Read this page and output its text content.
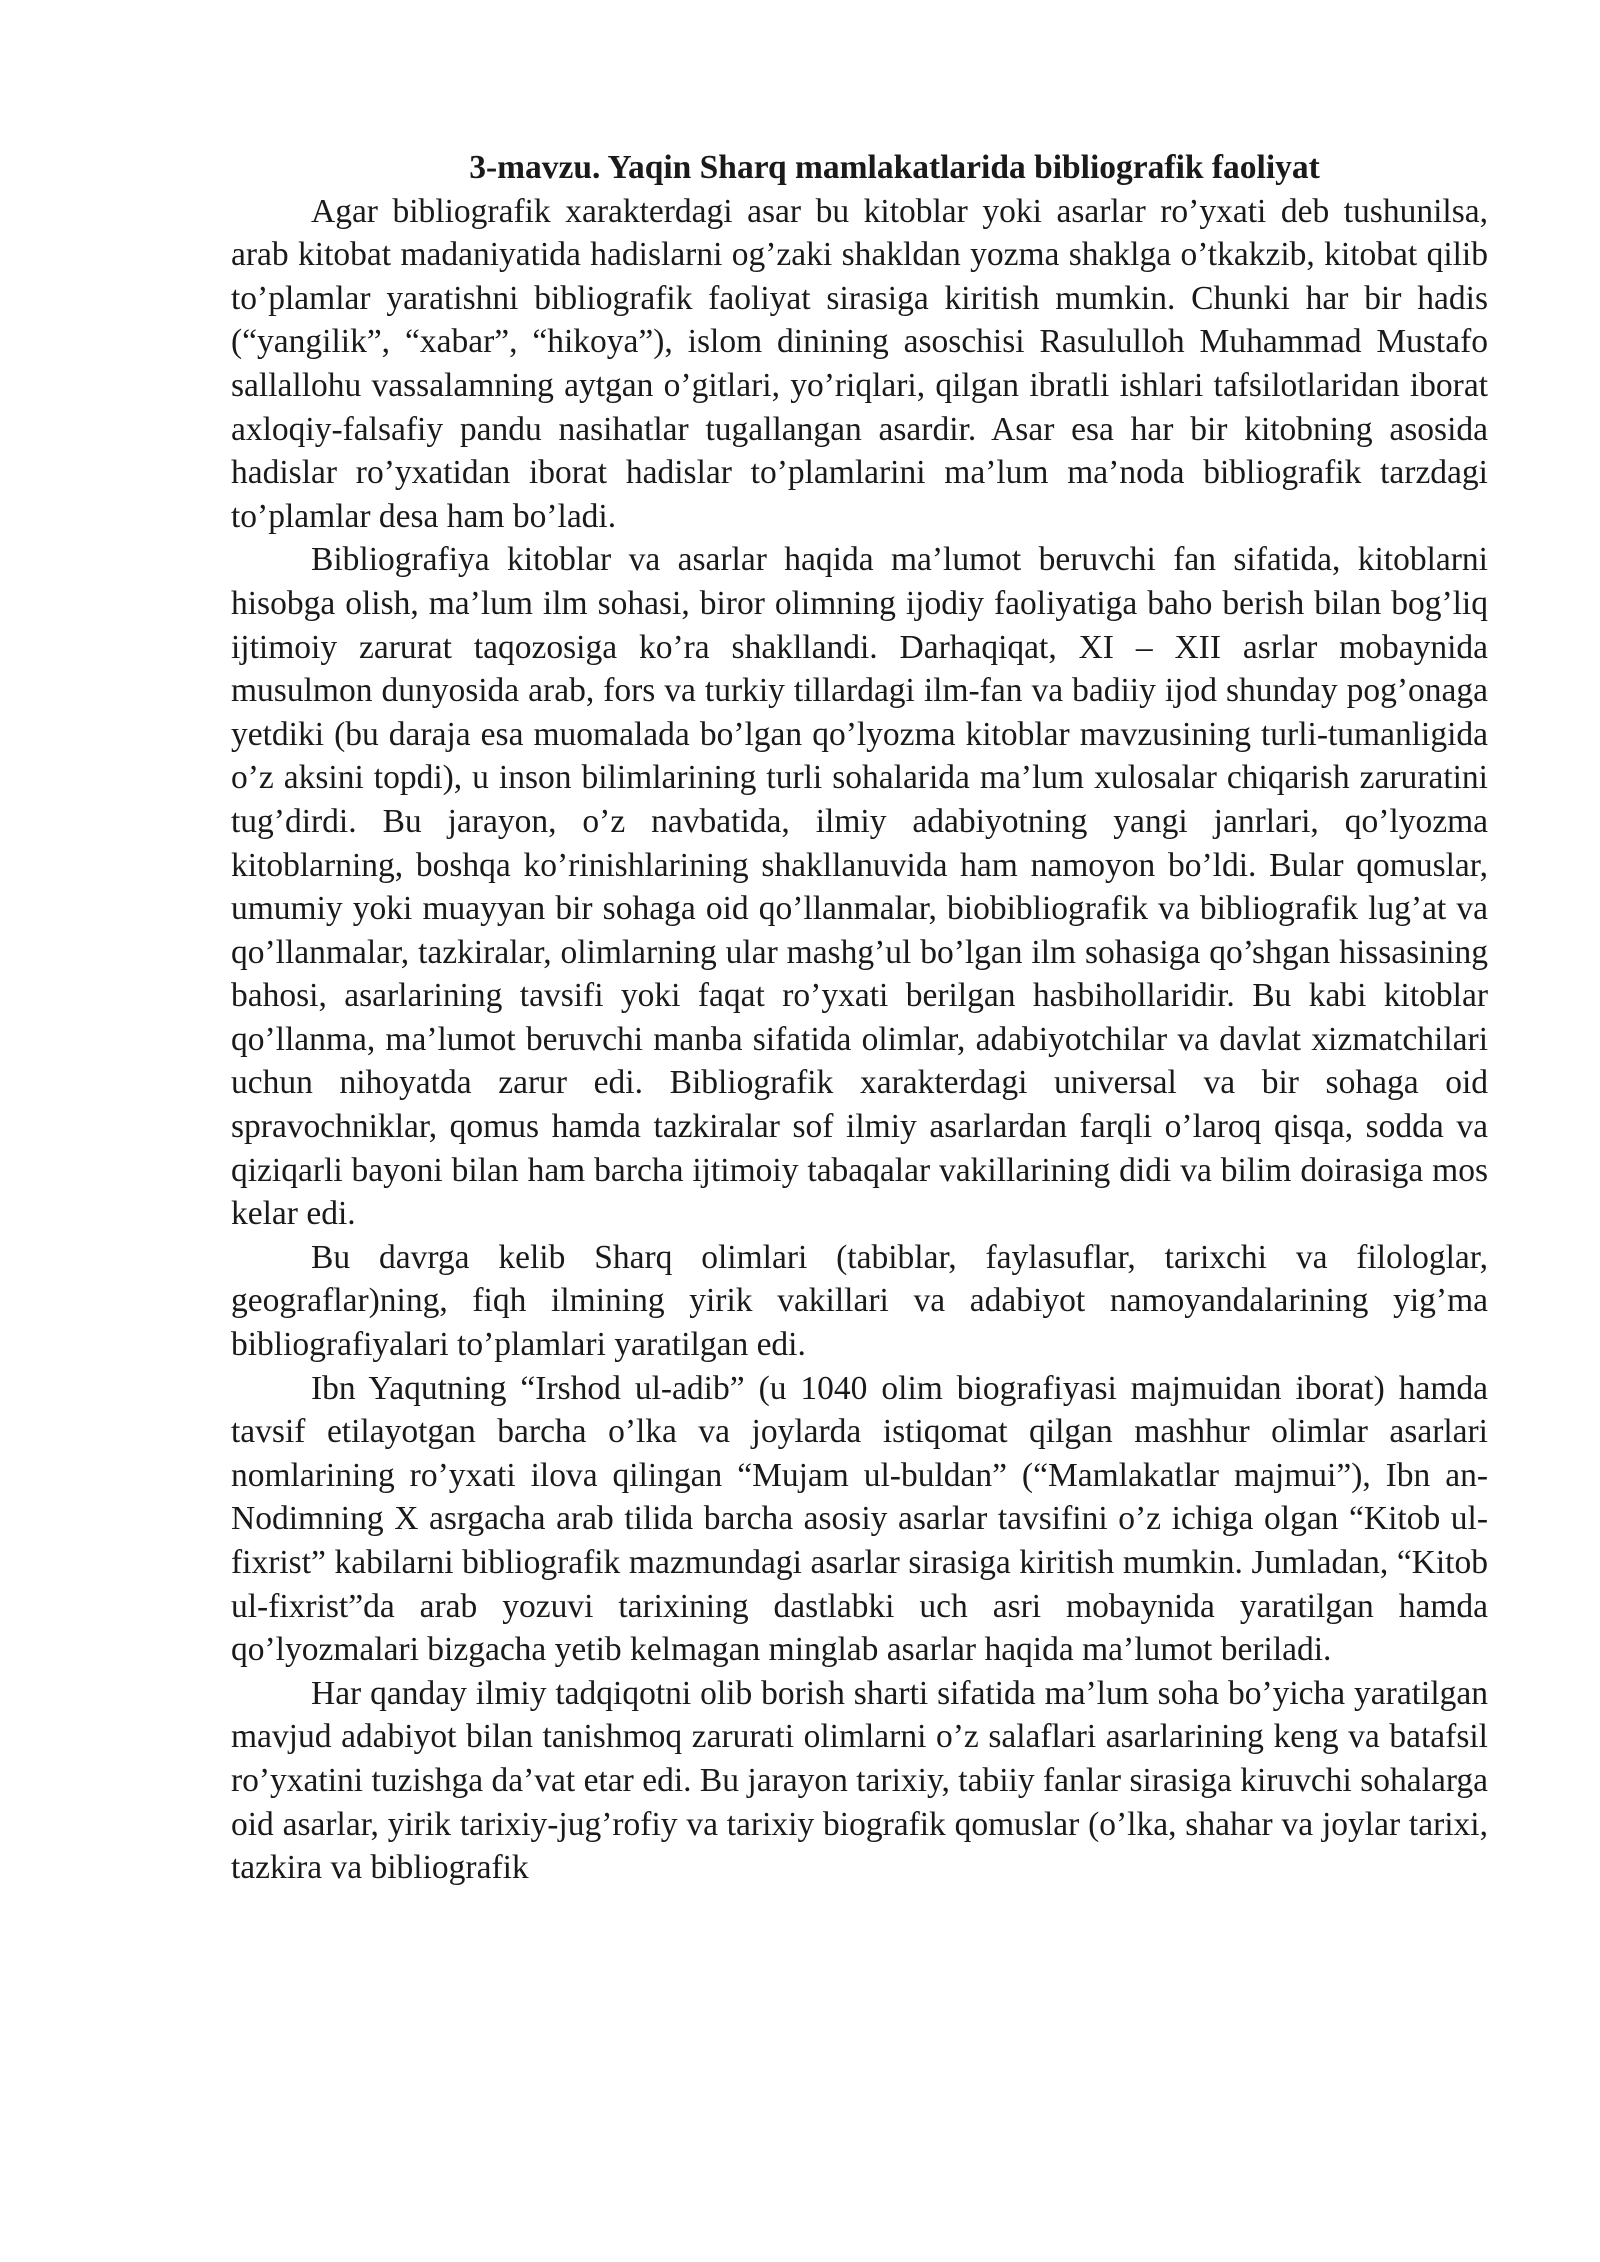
3-mavzu. Yaqin Sharq mamlakatlarida bibliografik faoliyat

Agar bibliografik xarakterdagi asar bu kitoblar yoki asarlar ro’yxati deb tushunilsa, arab kitobat madaniyatida hadislarni og’zaki shakldan yozma shaklga o’tkakzib, kitobat qilib to’plamlar yaratishni bibliografik faoliyat sirasiga kiritish mumkin. Chunki har bir hadis (“yangilik”, “xabar”, “hikoya”), islom dinining asoschisi Rasululloh Muhammad Mustafo sallallohu vassalamning aytgan o’gitlari, yo’riqlari, qilgan ibratli ishlari tafsilotlaridan iborat axloqiy-falsafiy pandu nasihatlar tugallangan asardir. Asar esa har bir kitobning asosida hadislar ro’yxatidan iborat hadislar to’plamlarini ma’lum ma’noda bibliografik tarzdagi to’plamlar desa ham bo’ladi.

Bibliografiya kitoblar va asarlar haqida ma’lumot beruvchi fan sifatida, kitoblarni hisobga olish, ma’lum ilm sohasi, biror olimning ijodiy faoliyatiga baho berish bilan bog’liq ijtimoiy zarurat taqozosiga ko’ra shakllandi. Darhaqiqat, XI – XII asrlar mobaynida musulmon dunyosida arab, fors va turkiy tillardagi ilm-fan va badiiy ijod shunday pog’onaga yetdiki (bu daraja esa muomalada bo’lgan qo’lyozma kitoblar mavzusining turli-tumanligida o’z aksini topdi), u inson bilimlarining turli sohalarida ma’lum xulosalar chiqarish zaruratini tug’dirdi. Bu jarayon, o’z navbatida, ilmiy adabiyotning yangi janrlari, qo’lyozma kitoblarning, boshqa ko’rinishlarining shakllanuvida ham namoyon bo’ldi. Bular qomuslar, umumiy yoki muayyan bir sohaga oid qo’llanmalar, biobibliografik va bibliografik lug’at va qo’llanmalar, tazkiralar, olimlarning ular mashg’ul bo’lgan ilm sohasiga qo’shgan hissasining bahosi, asarlarining tavsifi yoki faqat ro’yxati berilgan hasbihollaridir. Bu kabi kitoblar qo’llanma, ma’lumot beruvchi manba sifatida olimlar, adabiyotchilar va davlat xizmatchilari uchun nihoyatda zarur edi. Bibliografik xarakterdagi universal va bir sohaga oid spravochniklar, qomus hamda tazkiralar sof ilmiy asarlardan farqli o’laroq qisqa, sodda va qiziqarli bayoni bilan ham barcha ijtimoiy tabaqalar vakillarining didi va bilim doirasiga mos kelar edi.

Bu davrga kelib Sharq olimlari (tabiblar, faylasuflar, tarixchi va filologlar, geograflar)ning, fiqh ilmining yirik vakillari va adabiyot namoyandalarining yig’ma bibliografiyalari to’plamlari yaratilgan edi.

Ibn Yaqutning “Irshod ul-adib” (u 1040 olim biografiyasi majmuidan iborat) hamda tavsif etilayotgan barcha o’lka va joylarda istiqomat qilgan mashhur olimlar asarlari nomlarining ro’yxati ilova qilingan “Mujam ul-buldan” (“Mamlakatlar majmui”), Ibn an-Nodimning X asrgacha arab tilida barcha asosiy asarlar tavsifini o’z ichiga olgan “Kitob ul-fixrist” kabilarni bibliografik mazmundagi asarlar sirasiga kiritish mumkin. Jumladan, “Kitob ul-fixrist”da arab yozuvi tarixining dastlabki uch asri mobaynida yaratilgan hamda qo’lyozmalari bizgacha yetib kelmagan minglab asarlar haqida ma’lumot beriladi.

Har qanday ilmiy tadqiqotni olib borish sharti sifatida ma’lum soha bo’yicha yaratilgan mavjud adabiyot bilan tanishmoq zarurati olimlarni o’z salaflari asarlarining keng va batafsil ro’yxatini tuzishga da’vat etar edi. Bu jarayon tarixiy, tabiiy fanlar sirasiga kiruvchi sohalarga oid asarlar, yirik tarixiy-jug’rofiy va tarixiy biografik qomuslar (o’lka, shahar va joylar tarixi, tazkira va bibliografik
